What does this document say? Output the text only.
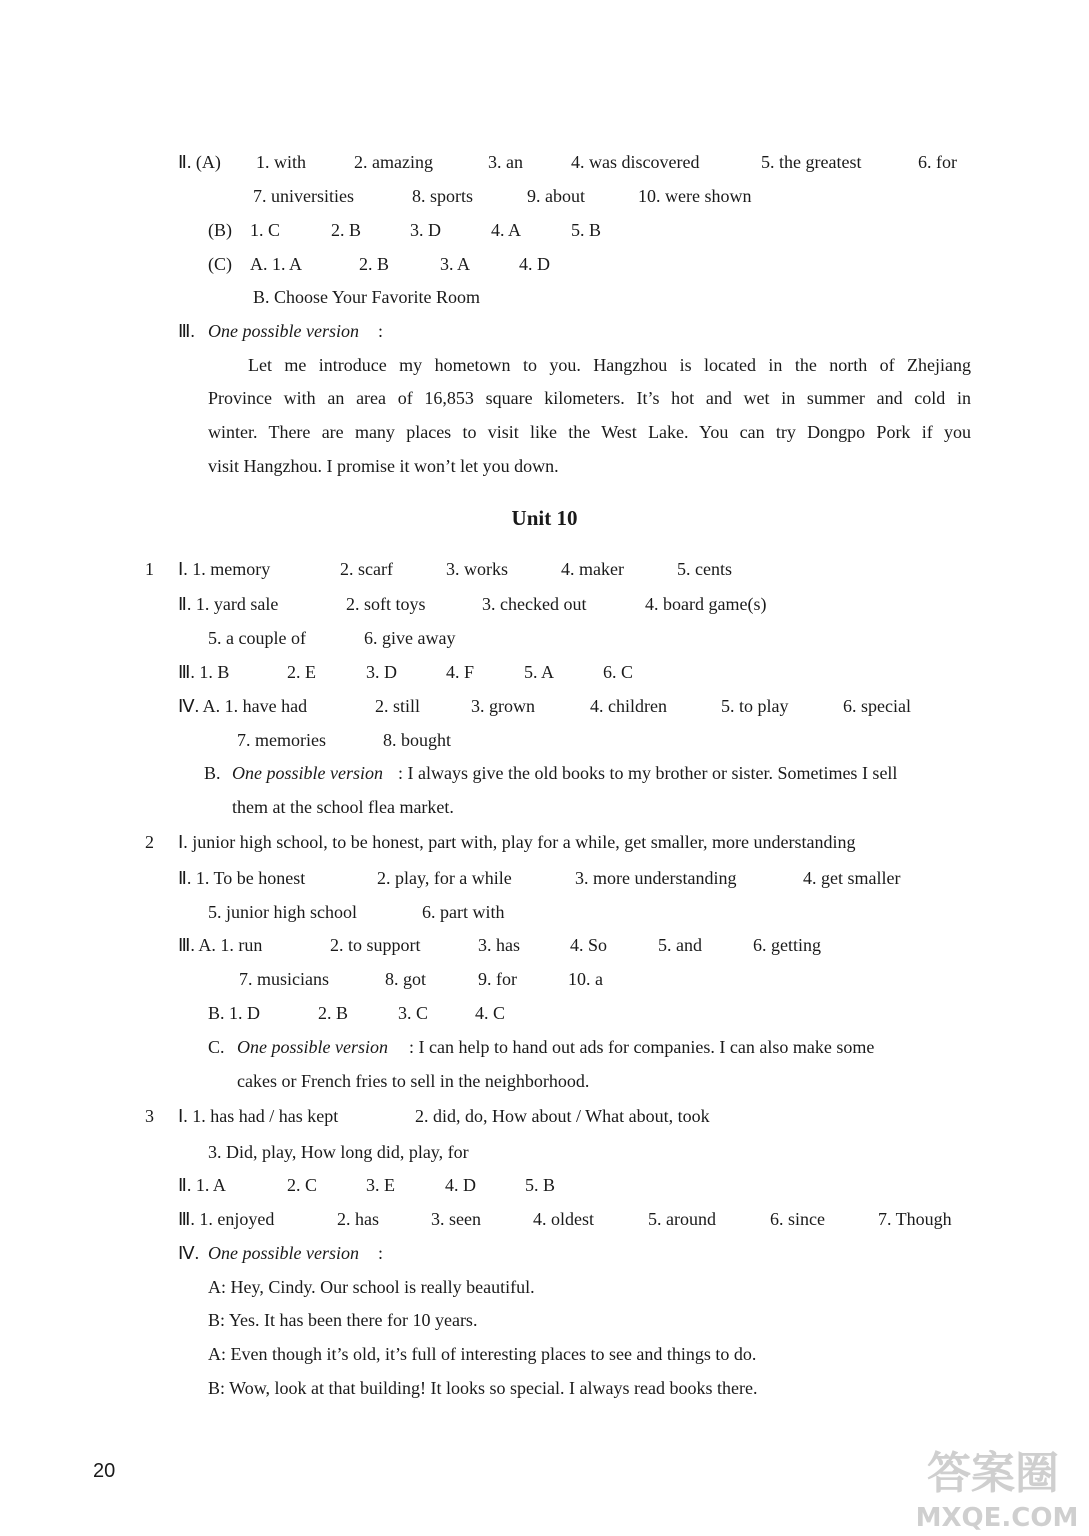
Ⅱ. (A) 1. with	2. amazing	3. an	4. was discovered	5. the greatest	6. for
7. universities	8. sports	9. about	10. were shown
(B) 1. C	2. B	3. D	4. A	5. B
(C) A. 1. A	2. B	3. A	4. D
B. Choose Your Favorite Room
Ⅲ. One possible version :
1 Ⅰ. 1. memory	2. scarf	3. works	4. maker	5. cents
Ⅱ. 1. yard sale	2. soft toys	3. checked out	4. board game(s)
5. a couple of	6. give away
Ⅲ. 1. B	2. E	3. D	4. F	5. A	6. C
Ⅳ. A. 1. have had	2. still	3. grown	4. children	5. to play	6. special
7. memories	8. bought
B. One possible version : I always give the old books to my brother or sister. Sometimes I sell
them at the school flea market.
2 Ⅰ. junior high school, to be honest, part with, play for a while, get smaller, more understanding
Ⅱ. 1. To be honest	2. play, for a while	3. more understanding	4. get smaller
5. junior high school	6. part with
Ⅲ. A. 1. run	2. to support	3. has	4. So	5. and	6. getting
7. musicians	8. got	9. for	10. a
B. 1. D	2. B	3. C	4. C
C. One possible version : I can help to hand out ads for companies. I can also make some
cakes or French fries to sell in the neighborhood.
3 Ⅰ. 1. has had / has kept	2. did, do, How about / What about, took
3. Did, play, How long did, play, for
Ⅱ. 1. A	2. C	3. E	4. D	5. B
Ⅲ. 1. enjoyed	2. has	3. seen	4. oldest	5. around	6. since	7. Though
Ⅳ. One possible version :
A: Hey, Cindy. Our school is really beautiful.
B: Yes. It has been there for 10 years.
A: Even though it’s old, it’s full of interesting places to see and things to do.
B: Wow, look at that building! It looks so special. I always read books there.
Let me introduce my hometown to you. Hangzhou is located in the north of Zhejiang
Province with an area of 16,853 square kilometers. It’s hot and wet in summer and cold in
winter. There are many places to visit like the West Lake. You can try Dongpo Pork if you
visit Hangzhou. I promise it won’t let you down.
Unit 10
20	答案圈
MXQE.COM
